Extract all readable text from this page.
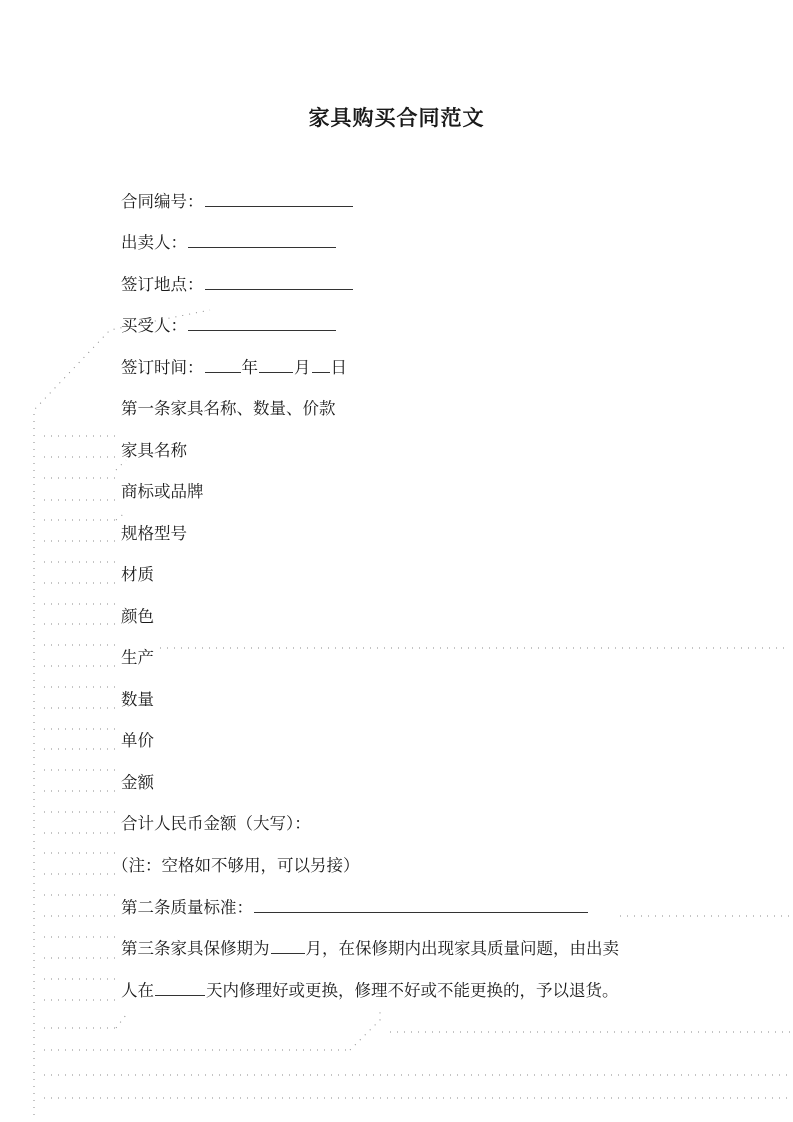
家具购买合同范文
合同编号：
出卖人：
签订地点：
买受人：
签订时间： 年 月 日
第一条家具名称、数量、价款
家具名称
商标或品牌
规格型号
材质
颜色
生产
数量
单价
金额
合计人民币金额（大写）：
（注：空格如不够用，可以另接）
第二条质量标准：
第三条家具保修期为 月，在保修期内出现家具质量问题，由出卖
人在	天内修理好或更换，修理不好或不能更换的，予以退货。
